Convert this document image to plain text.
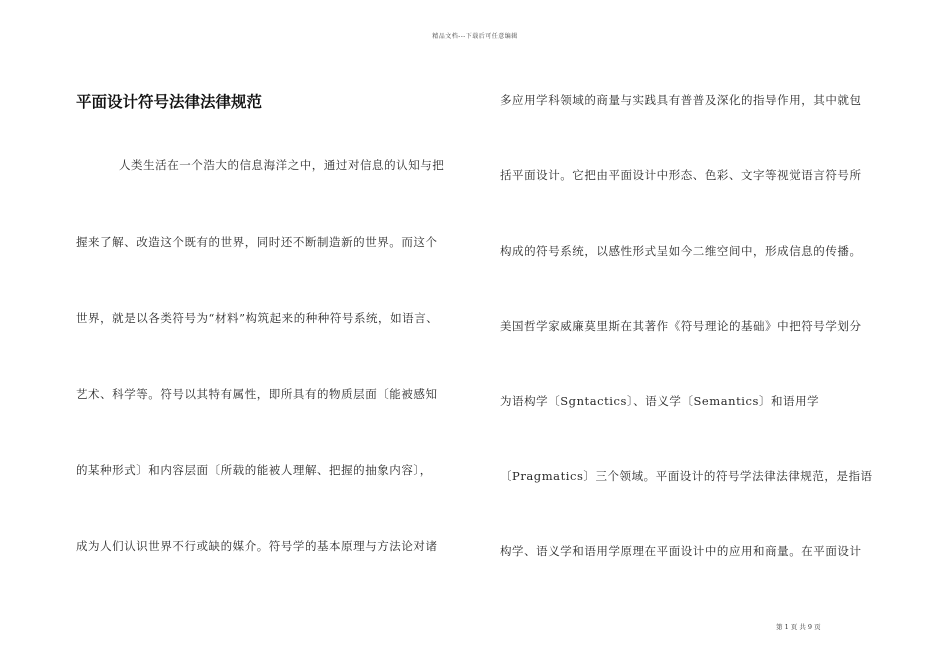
精品文档---下载后可任意编辑
平面设计符号法律法律规范
人类生活在一个浩大的信息海洋之中，通过对信息的认知与把
握来了解、改造这个既有的世界，同时还不断制造新的世界。而这个
世界，就是以各类符号为“材料”构筑起来的种种符号系统，如语言、
艺术、科学等。符号以其特有属性，即所具有的物质层面〔能被感知
的某种形式〕和内容层面〔所载的能被人理解、把握的抽象内容〕，
成为人们认识世界不行或缺的媒介。符号学的基本原理与方法论对诸
多应用学科领域的商量与实践具有普普及深化的指导作用，其中就包
括平面设计。它把由平面设计中形态、色彩、文字等视觉语言符号所
构成的符号系统，以感性形式呈如今二维空间中，形成信息的传播。
美国哲学家威廉莫里斯在其著作《符号理论的基础》中把符号学划分
为语构学〔Sgntactics〕、语义学〔Semantics〕和语用学
〔Pragmatics〕三个领域。平面设计的符号学法律法律规范，是指语
构学、语义学和语用学原理在平面设计中的应用和商量。在平面设计
第 1 页 共 9 页
